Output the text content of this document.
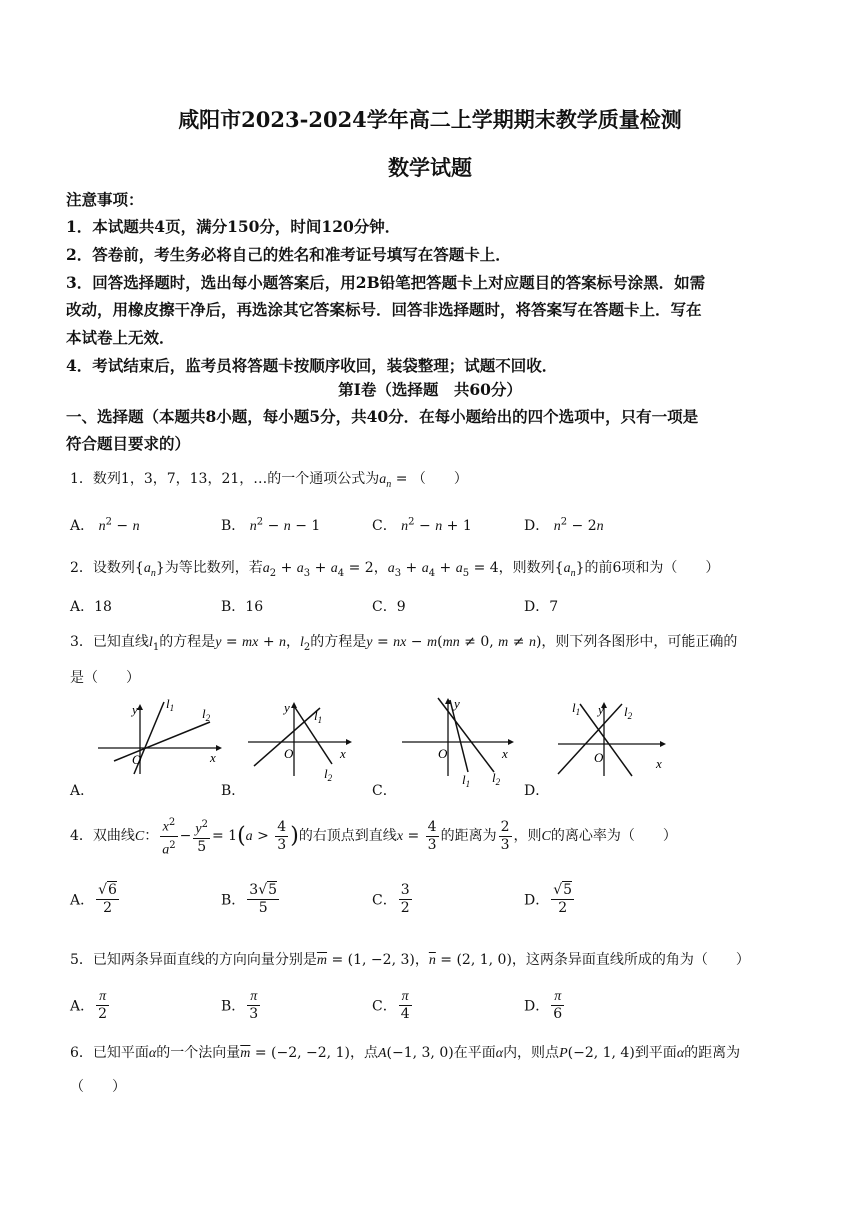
咸阳市2023-2024学年高二上学期期末教学质量检测
数学试题
注意事项：
1．本试题共4页，满分150分，时间120分钟．
2．答卷前，考生务必将自己的姓名和准考证号填写在答题卡上．
3．回答选择题时，选出每小题答案后，用2B铅笔把答题卡上对应题目的答案标号涂黑．如需
改动，用橡皮擦干净后，再选涂其它答案标号．回答非选择题时，将答案写在答题卡上．写在
本试卷上无效．
4．考试结束后，监考员将答题卡按顺序收回，装袋整理；试题不回收．
第Ⅰ卷（选择题　共60分）
一、选择题（本题共8小题，每小题5分，共40分．在每小题给出的四个选项中，只有一项是
符合题目要求的）
1．数列1，3，7，13，21，…的一个通项公式为$a_n$ = （　　）
A． $n^2 - n$	B． $n^2 - n - 1$	C． $n^2 - n + 1$	D． $n^2 - 2n$
2．设数列$\{a_n\}$为等比数列，若$a_2 + a_3 + a_4 = 2$，$a_3 + a_4 + a_5 = 4$，则数列$\{a_n\}$的前6项和为（　　）
A．18	B．16	C．9	D．7
3．已知直线$l_1$的方程是y = mx + n，$l_2$的方程是y = nx − m(mn ≠ 0, m ≠ n)，则下列各图形中，可能正确的
是（　　）
y
O	x
$l_1$ $l_2$
y
O	x
$l_1$
$l_2$
y
O	x
$l_1$ $l_2$
y
O	x
$l_1$	$l_2$
A．	B．	C．	D．
4．双曲线C： $\frac{x^2}{a^2} - \frac{y^2}{5} = 1(a > \frac{4}{3}$ )的右顶点到直线$x = \frac{4}{3}$ 的距离为 $\frac{2}{3}$ ，则C的离心率为（　　）
A． $\frac{√6}{2}$	B． $\frac{3√5}{5}$	C． $\frac{3}{2}$	D． $\frac{√5}{2}$
5．已知两条异面直线的方向向量分别是$\overline{m} = (1$, −2, 3)，$\overline{n} = (2$, 1, 0)，这两条异面直线所成的角为（　　）
A． $\frac{\pi}{2}$	B． $\frac{\pi}{3}$	C． $\frac{\pi}{4}$	D． $\frac{\pi}{6}$
6．已知平面α的一个法向量$\overline{m} = (-2$, −2, 1)，点A(−1, 3, 0)在平面α内，则点P(−2, 1, 4)到平面α的距离为
（　　）
